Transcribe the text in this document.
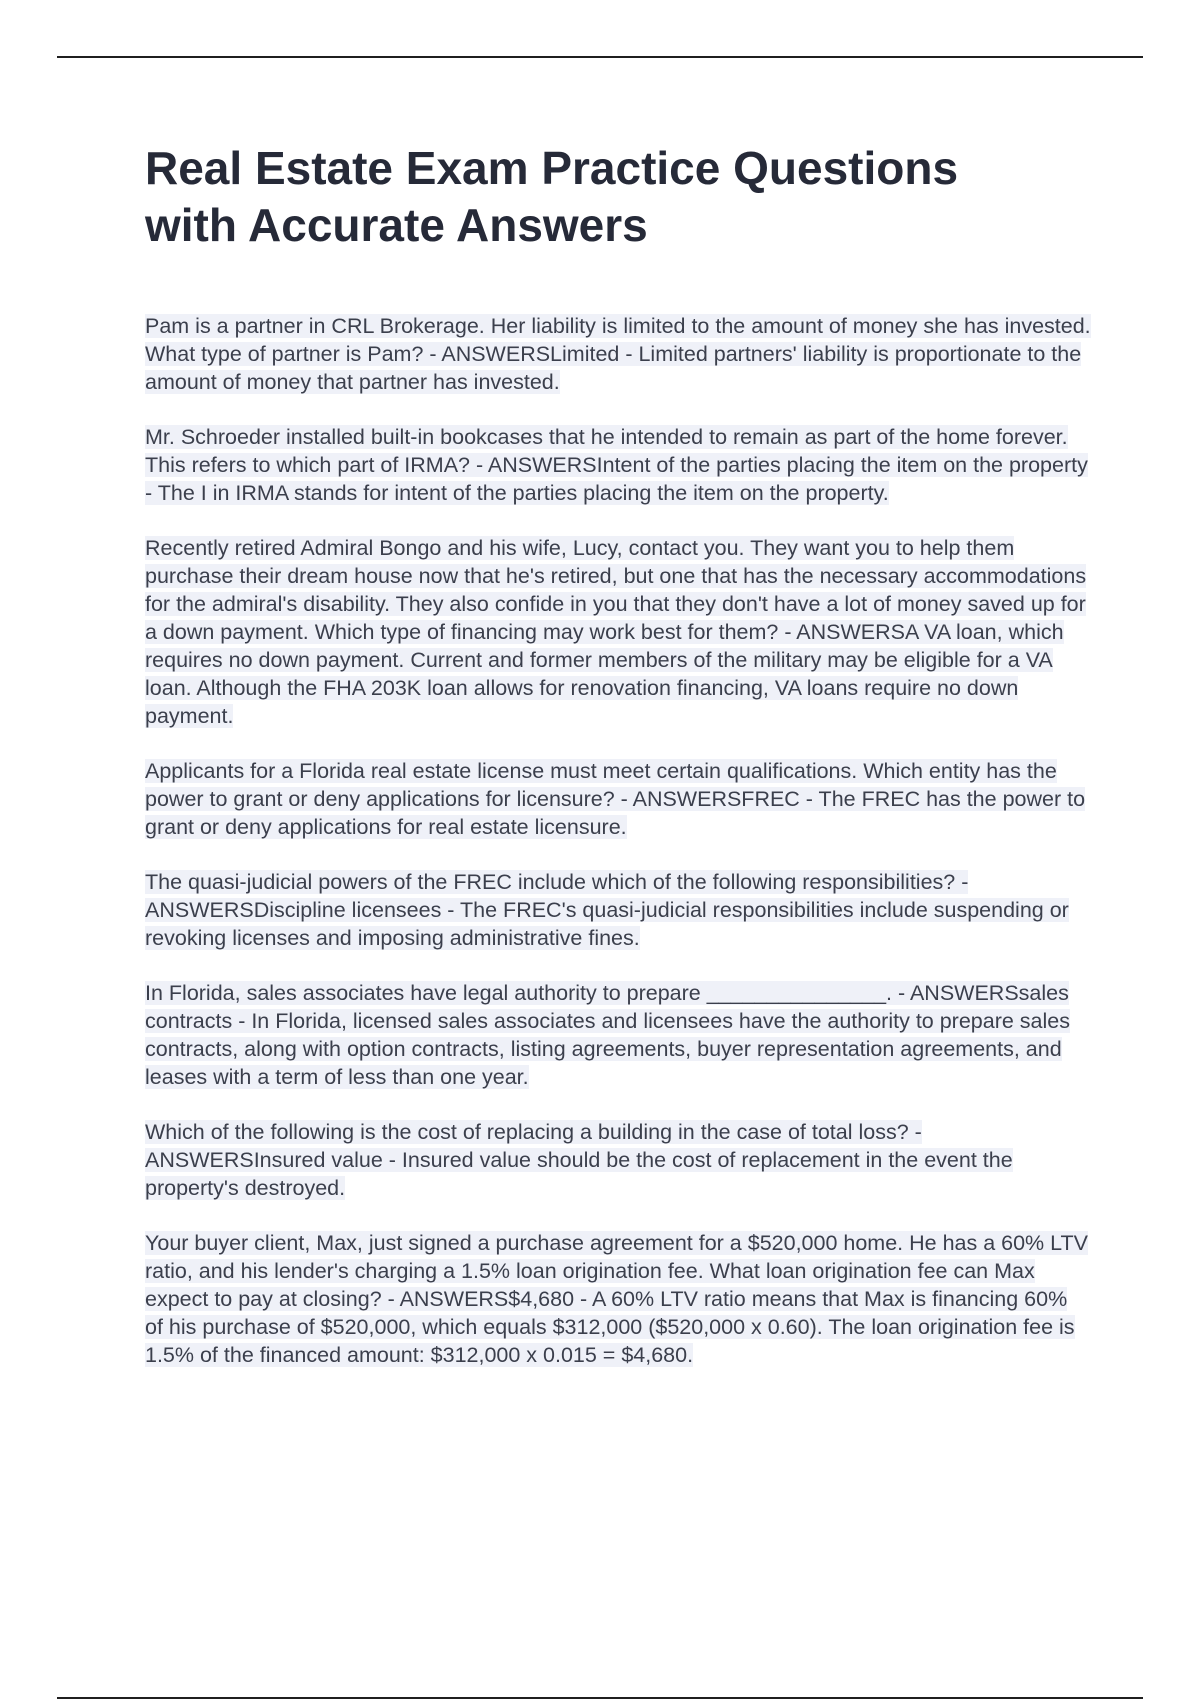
Real Estate Exam Practice Questions
with Accurate Answers

Pam is a partner in CRL Brokerage. Her liability is limited to the amount of money she has invested. What type of partner is Pam? - ANSWERSLimited - Limited partners' liability is proportionate to the amount of money that partner has invested.

Mr. Schroeder installed built-in bookcases that he intended to remain as part of the home forever. This refers to which part of IRMA? - ANSWERSIntent of the parties placing the item on the property - The I in IRMA stands for intent of the parties placing the item on the property.

Recently retired Admiral Bongo and his wife, Lucy, contact you. They want you to help them purchase their dream house now that he's retired, but one that has the necessary accommodations for the admiral's disability. They also confide in you that they don't have a lot of money saved up for a down payment. Which type of financing may work best for them? - ANSWERSA VA loan, which requires no down payment. Current and former members of the military may be eligible for a VA loan. Although the FHA 203K loan allows for renovation financing, VA loans require no down payment.

Applicants for a Florida real estate license must meet certain qualifications. Which entity has the power to grant or deny applications for licensure? - ANSWERSFREC - The FREC has the power to grant or deny applications for real estate licensure.

The quasi-judicial powers of the FREC include which of the following responsibilities? - ANSWERSDiscipline licensees - The FREC's quasi-judicial responsibilities include suspending or revoking licenses and imposing administrative fines.

In Florida, sales associates have legal authority to prepare _______________. - ANSWERSsales contracts - In Florida, licensed sales associates and licensees have the authority to prepare sales contracts, along with option contracts, listing agreements, buyer representation agreements, and leases with a term of less than one year.

Which of the following is the cost of replacing a building in the case of total loss? - ANSWERSInsured value - Insured value should be the cost of replacement in the event the property's destroyed.

Your buyer client, Max, just signed a purchase agreement for a $520,000 home. He has a 60% LTV ratio, and his lender's charging a 1.5% loan origination fee. What loan origination fee can Max expect to pay at closing? - ANSWERS$4,680 - A 60% LTV ratio means that Max is financing 60% of his purchase of $520,000, which equals $312,000 ($520,000 x 0.60). The loan origination fee is 1.5% of the financed amount: $312,000 x 0.015 = $4,680.
